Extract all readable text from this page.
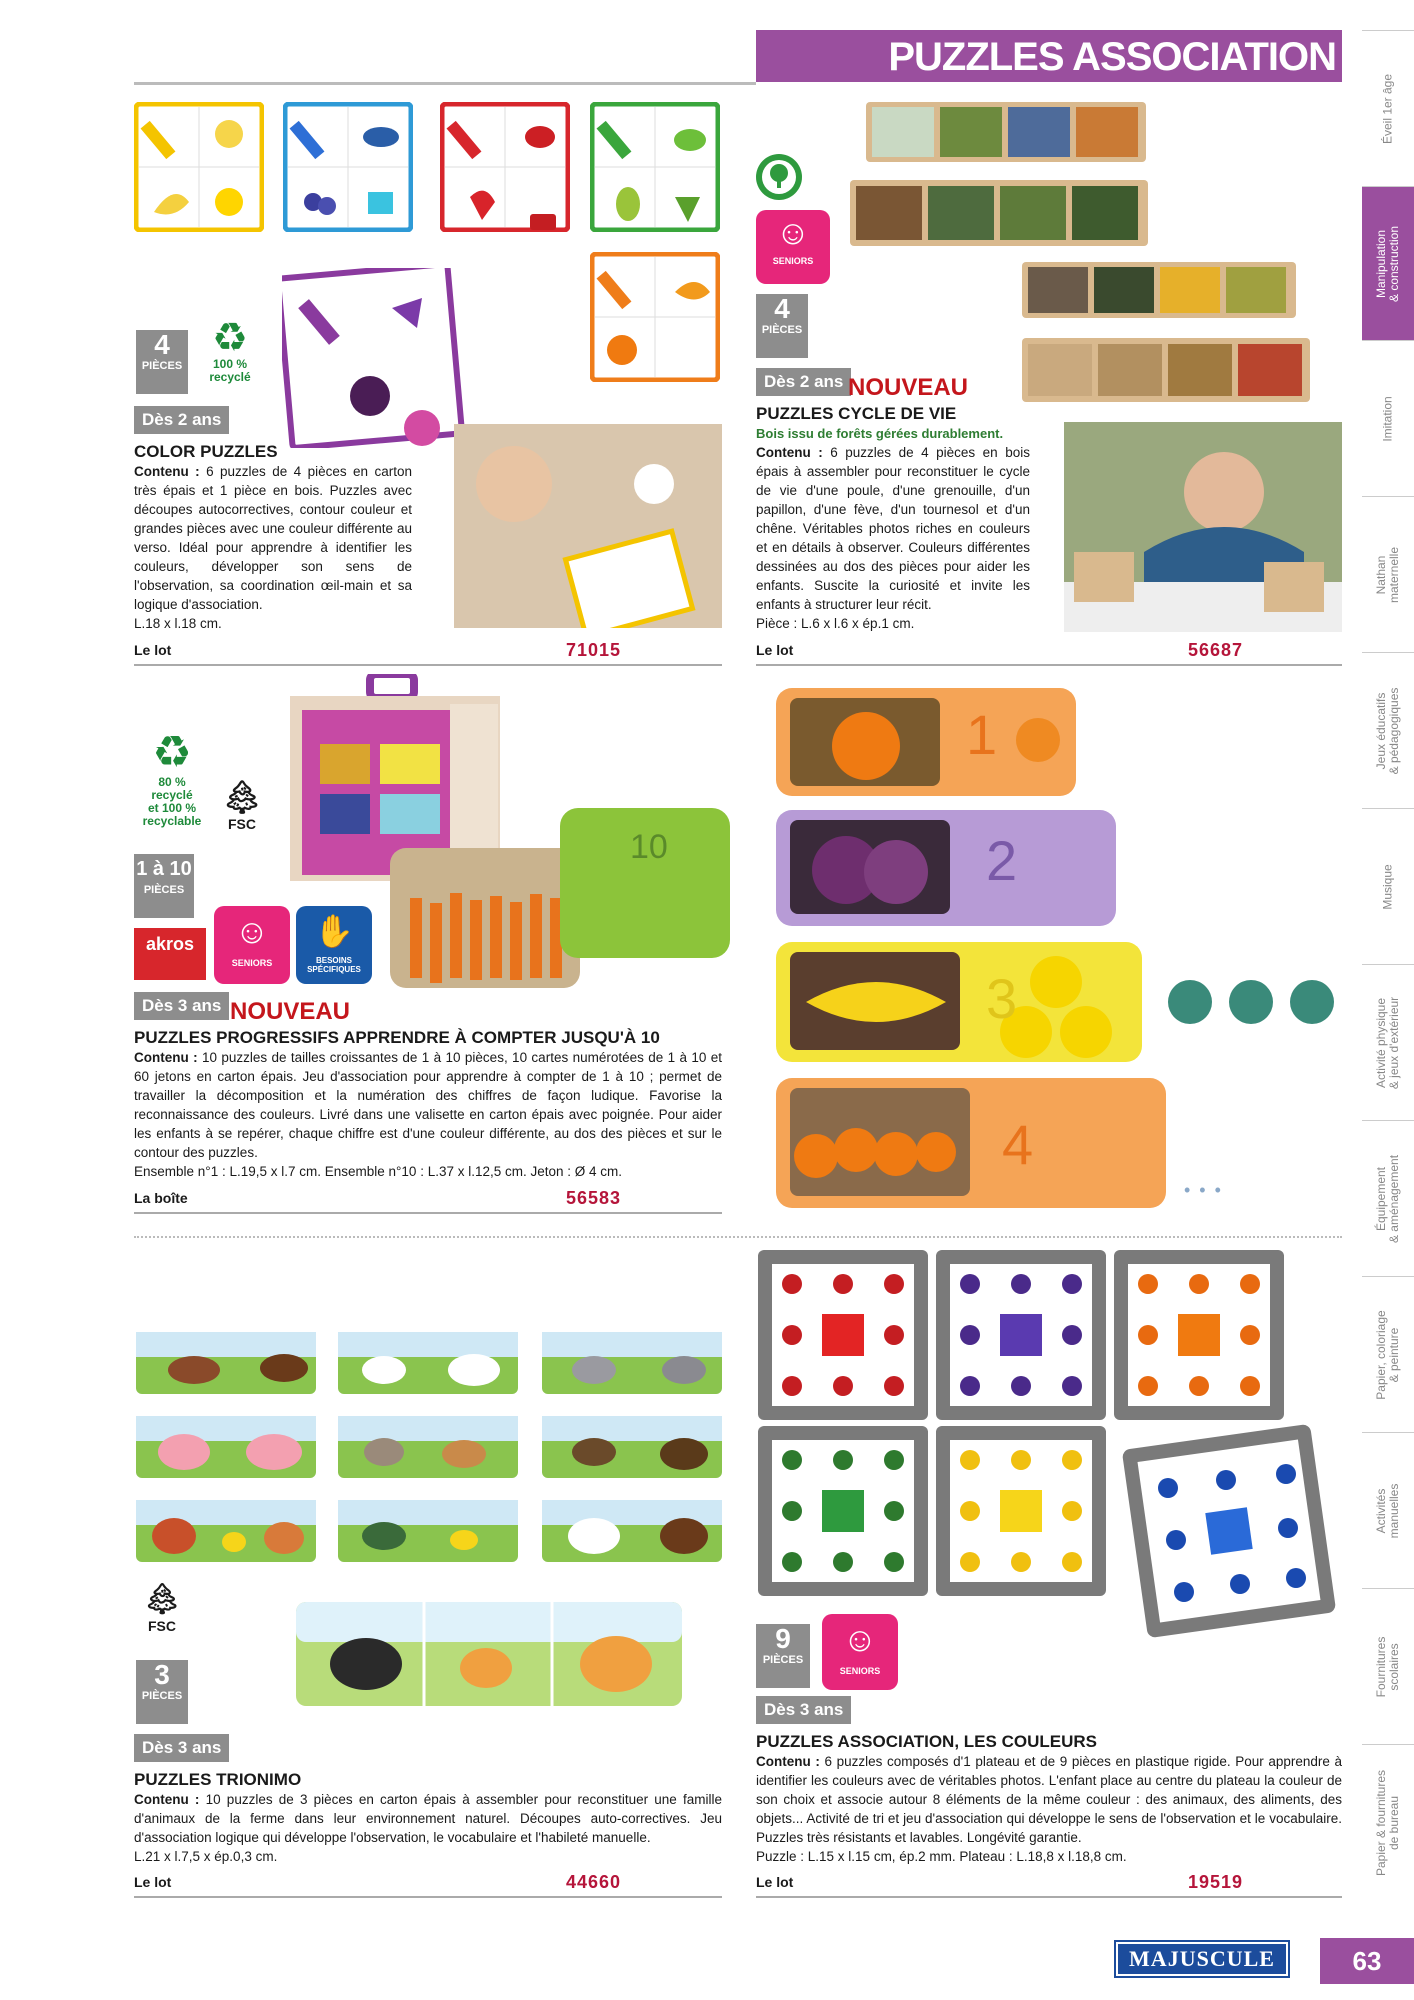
PUZZLES ASSOCIATION
Éveil 1er âge
Manipulation
& construction
Imitation
Nathan
maternelle
Jeux éducatifs
& pédagogiques
Musique
Activité physique
& jeux d'extérieur
Équipement
& aménagement
Papier, coloriage
& peinture
Activités
manuelles
Fournitures
scolaires
Papier & fournitures
de bureau
4
PIÈCES
♻
100 %
recyclé
Dès 2 ans
COLOR PUZZLES
Contenu : 6 puzzles de 4 pièces en carton très épais et 1 pièce en bois. Puzzles avec découpes autocorrectives, contour couleur et grandes pièces avec une couleur différente au verso. Idéal pour apprendre à identifier les couleurs, développer son sens de l'observation, sa coordination œil-main et sa logique d'association.
L.18 x l.18 cm.
Le lot	71015
☺
SENIORS
4
PIÈCES
Dès 2 ans NOUVEAU
PUZZLES CYCLE DE VIE
Bois issu de forêts gérées durablement.
Contenu : 6 puzzles de 4 pièces en bois épais à assembler pour reconstituer le cycle de vie d'une poule, d'une grenouille, d'un papillon, d'une fève, d'un tournesol et d'un chêne. Véritables photos riches en couleurs et en détails à observer. Couleurs différentes dessinées au dos des pièces pour aider les enfants. Suscite la curiosité et invite les enfants à structurer leur récit.
Pièce : L.6 x l.6 x ép.1 cm.
Le lot	56687
♻
80 %
recyclé
et 100 %
recyclable
🌲︎
FSC
10
1 à 10
PIÈCES
akros	☺
SENIORS
✋
BESOINS
SPÉCIFIQUES
Dès 3 ans NOUVEAU
PUZZLES PROGRESSIFS APPRENDRE À COMPTER JUSQU'À 10
Contenu : 10 puzzles de tailles croissantes de 1 à 10 pièces, 10 cartes numérotées de 1 à 10 et 60 jetons en carton épais. Jeu d'association pour apprendre à compter de 1 à 10 ; permet de travailler la décomposition et la numération des chiffres de façon ludique. Favorise la reconnaissance des couleurs. Livré dans une valisette en carton épais avec poignée. Pour aider les enfants à se repérer, chaque chiffre est d'une couleur différente, au dos des pièces et sur le contour des puzzles.
Ensemble n°1 : L.19,5 x l.7 cm. Ensemble n°10 : L.37 x l.12,5 cm. Jeton : Ø 4 cm.
La boîte	56583
1
2
3
4
• • •
🌲︎
FSC
3
PIÈCES
Dès 3 ans
PUZZLES TRIONIMO
Contenu : 10 puzzles de 3 pièces en carton épais à assembler pour reconstituer une famille d'animaux de la ferme dans leur environnement naturel. Découpes auto-correctives. Jeu d'association logique qui développe l'observation, le vocabulaire et l'habileté manuelle.
L.21 x l.7,5 x ép.0,3 cm.
Le lot	44660
9
PIÈCES
☺
SENIORS
Dès 3 ans
PUZZLES ASSOCIATION, LES COULEURS
Contenu : 6 puzzles composés d'1 plateau et de 9 pièces en plastique rigide. Pour apprendre à identifier les couleurs avec de véritables photos. L'enfant place au centre du plateau la couleur de son choix et associe autour 8 éléments de la même couleur : des animaux, des aliments, des objets... Activité de tri et jeu d'association qui développe le sens de l'observation et le vocabulaire. Puzzles très résistants et lavables. Longévité garantie.
Puzzle : L.15 x l.15 cm, ép.2 mm. Plateau : L.18,8 x l.18,8 cm.
Le lot	19519
MAJUSCULE	63
